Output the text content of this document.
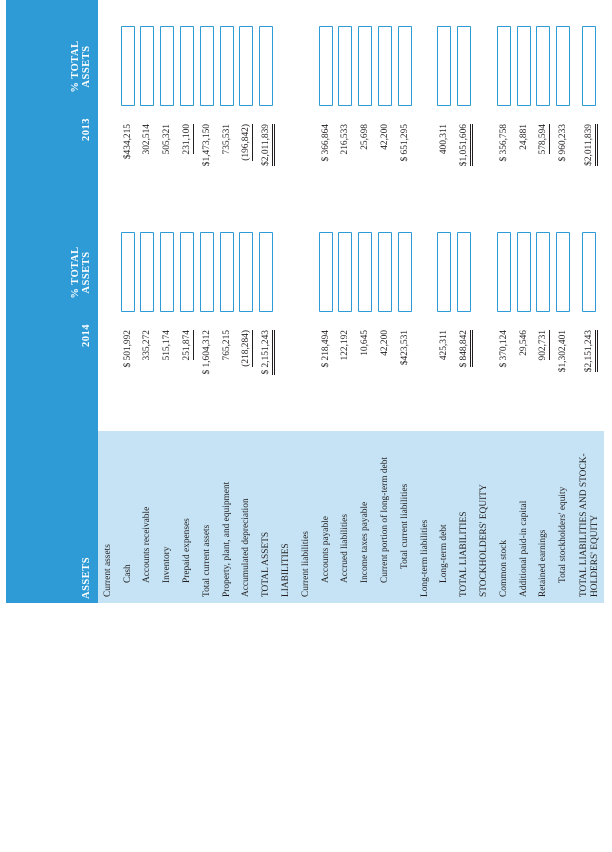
ASSETS	2014	% TOTAL ASSETS	2013	% TOTAL ASSETS

Current assets						
Cash	$ 501,992		$434,215			
Accounts receivable	335,272		302,514			
Inventory	515,174		505,321			
Prepaid expenses	251,874		231,100			
Total current assets	$ 1,604,312		$1,473,150			
Property, plant, and equipment	765,215		735,531			
Accumulated depreciation	(218,284)		(196,842)			
TOTAL ASSETS	$ 2,151,243		$2,011,839			
LIABILITIES						
Current liabilities						
Accounts payable	$ 218,494		$ 366,864			
Accrued liabilities	122,192		216,533			
Income taxes payable	10,645		25,698			
Current portion of long-term debt	42,200		42,200			
Total current liabilities	$423,531		$ 651,295			
Long-term liabilities						
Long-term debt	425,311		400,311			
TOTAL LIABILITIES	$ 848,842		$1,051,606			
STOCKHOLDERS' EQUITY						
Common stock	$ 370,124		$ 356,758			
Additional paid-in capital	29,546		24,881			
Retained earnings	902,731		578,594			
Total stockholders' equity	$1,302,401		$ 960,233			
TOTAL LIABILITIES AND STOCK-HOLDERS' EQUITY	$2,151,243		$2,011,839			
